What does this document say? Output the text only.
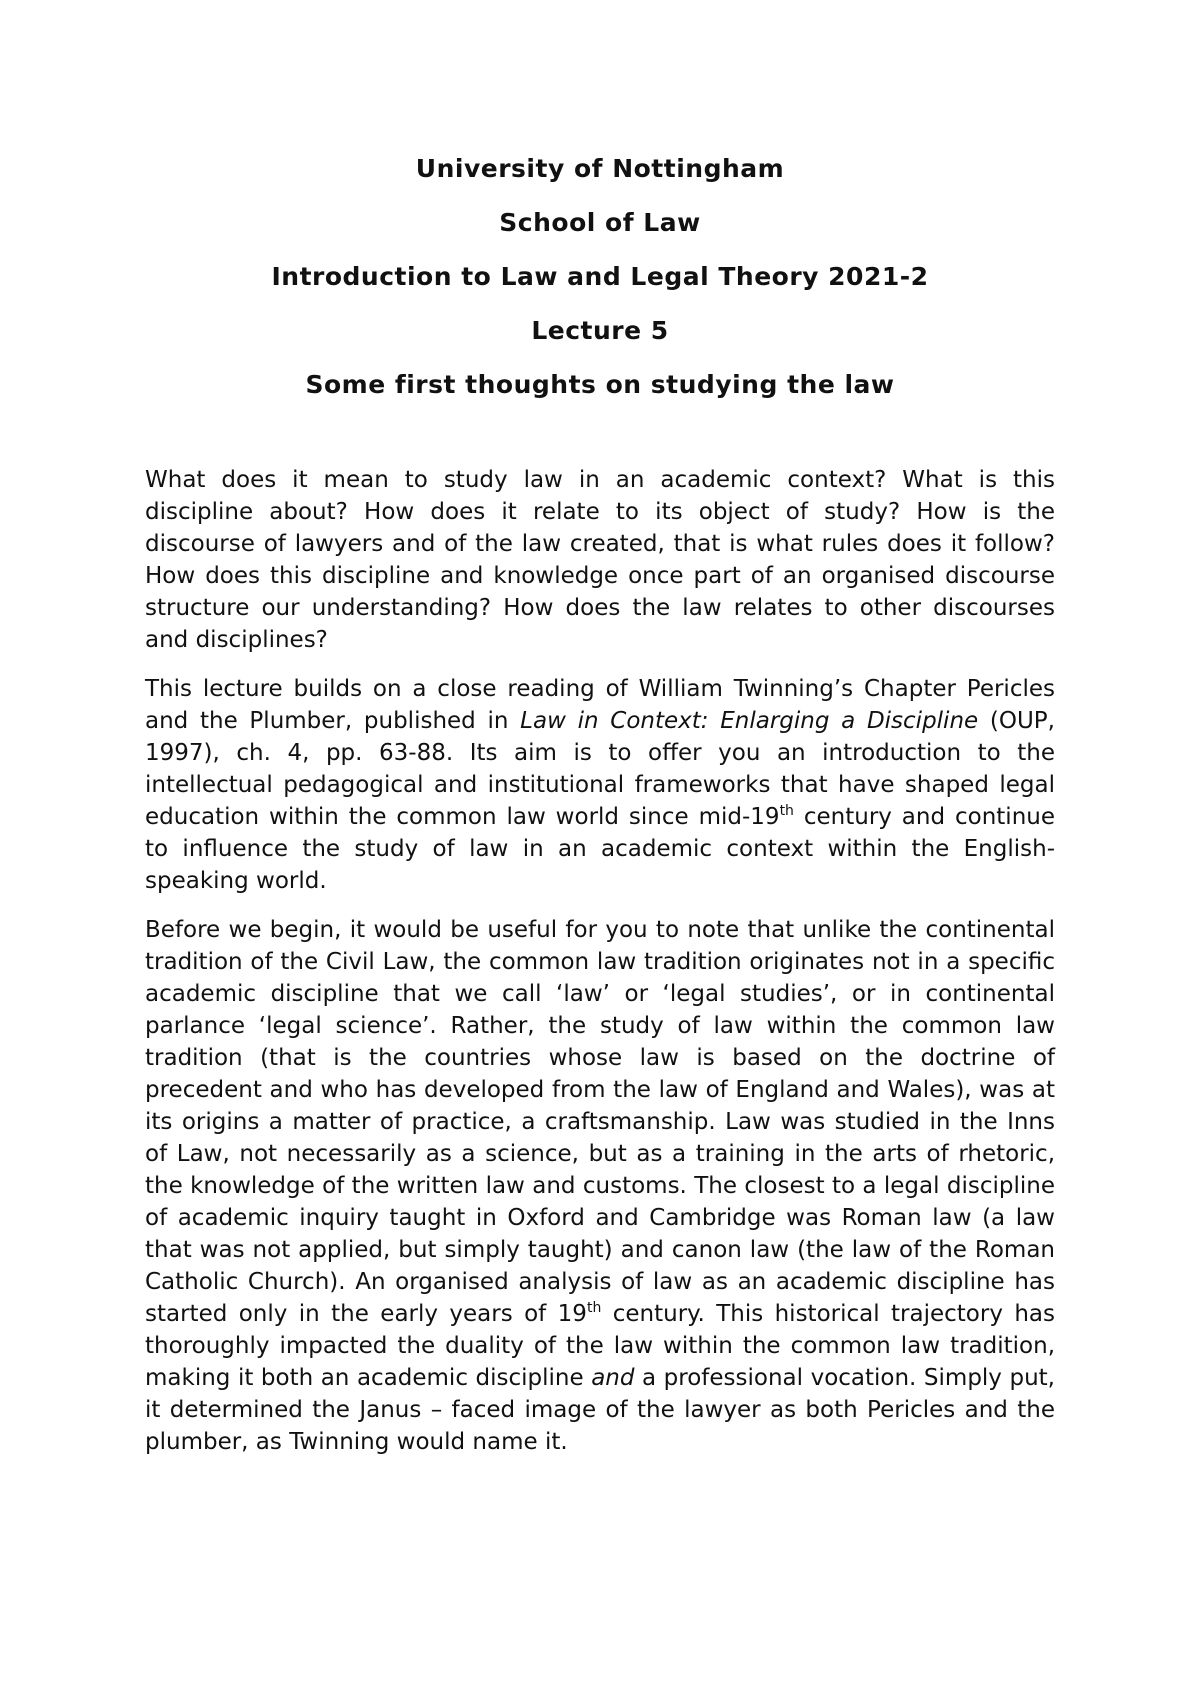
University of Nottingham
School of Law
Introduction to Law and Legal Theory 2021-2
Lecture 5
Some first thoughts on studying the law

What does it mean to study law in an academic context? What is this discipline about? How does it relate to its object of study? How is the discourse of lawyers and of the law created, that is what rules does it follow? How does this discipline and knowledge once part of an organised discourse structure our understanding? How does the law relates to other discourses and disciplines?

This lecture builds on a close reading of William Twinning’s Chapter Pericles and the Plumber, published in Law in Context: Enlarging a Discipline (OUP, 1997), ch. 4, pp. 63-88. Its aim is to offer you an introduction to the intellectual pedagogical and institutional frameworks that have shaped legal education within the common law world since mid-19th century and continue to influence the study of law in an academic context within the English-speaking world.

Before we begin, it would be useful for you to note that unlike the continental tradition of the Civil Law, the common law tradition originates not in a specific academic discipline that we call ‘law’ or ‘legal studies’, or in continental parlance ‘legal science’. Rather, the study of law within the common law tradition (that is the countries whose law is based on the doctrine of precedent and who has developed from the law of England and Wales), was at its origins a matter of practice, a craftsmanship. Law was studied in the Inns of Law, not necessarily as a science, but as a training in the arts of rhetoric, the knowledge of the written law and customs. The closest to a legal discipline of academic inquiry taught in Oxford and Cambridge was Roman law (a law that was not applied, but simply taught) and canon law (the law of the Roman Catholic Church). An organised analysis of law as an academic discipline has started only in the early years of 19th century. This historical trajectory has thoroughly impacted the duality of the law within the common law tradition, making it both an academic discipline and a professional vocation. Simply put, it determined the Janus – faced image of the lawyer as both Pericles and the plumber, as Twinning would name it.
